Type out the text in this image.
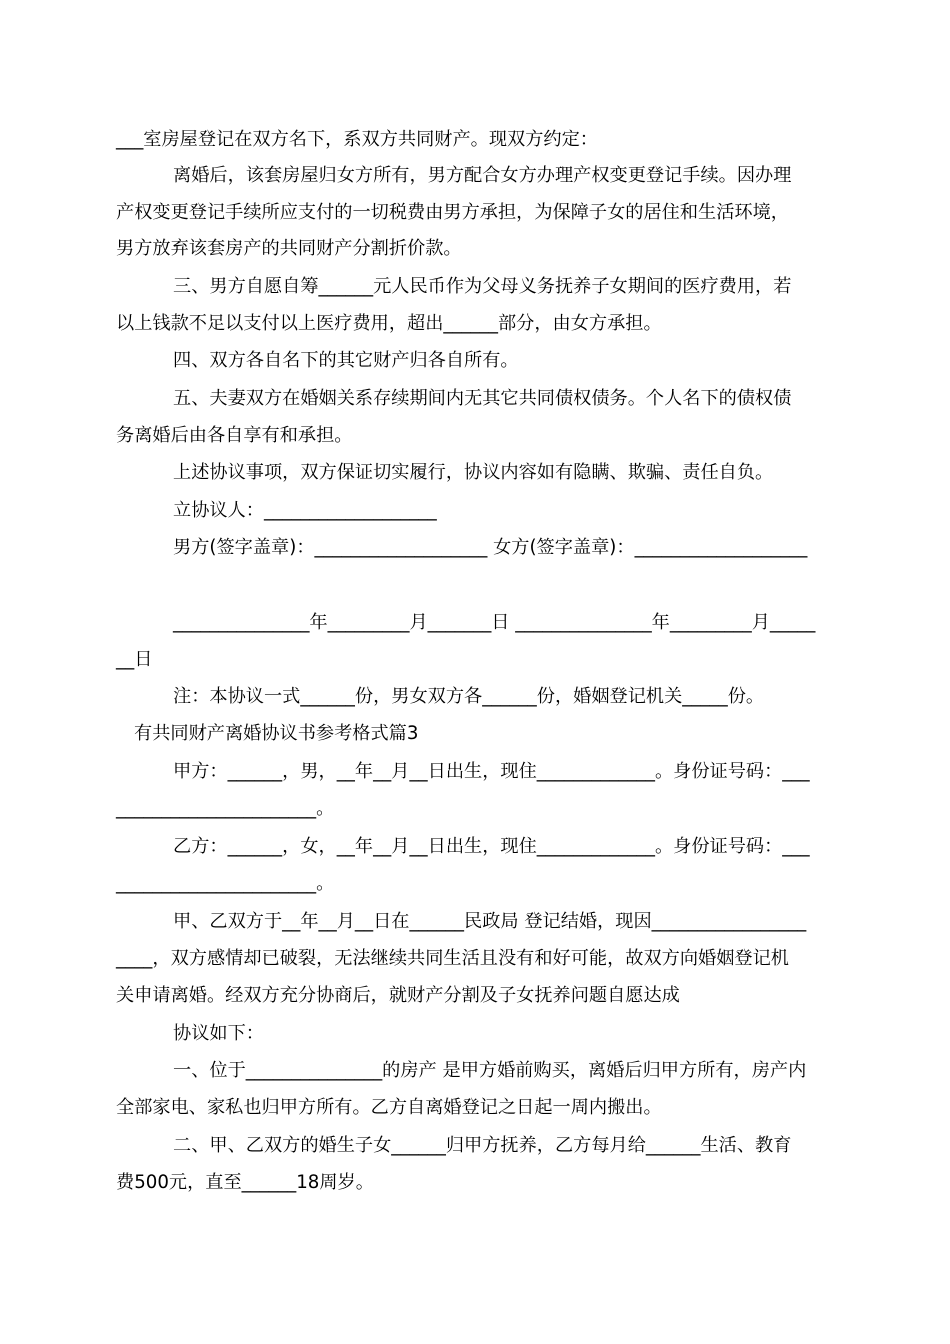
___室房屋登记在双方名下，系双方共同财产。现双方约定：
离婚后，该套房屋归女方所有，男方配合女方办理产权变更登记手续。因办理
产权变更登记手续所应支付的一切税费由男方承担，为保障子女的居住和生活环境，
男方放弃该套房产的共同财产分割折价款。
三、男方自愿自筹______元人民币作为父母义务抚养子女期间的医疗费用，若
以上钱款不足以支付以上医疗费用，超出______部分，由女方承担。
四、双方各自名下的其它财产归各自所有。
五、夫妻双方在婚姻关系存续期间内无其它共同债权债务。个人名下的债权债
务离婚后由各自享有和承担。
上述协议事项，双方保证切实履行，协议内容如有隐瞒、欺骗、责任自负。
立协议人：___________________
男方(签字盖章)：___________________ 女方(签字盖章)：___________________
_______________年_________月_______日 _______________年_________月_____
__日
注：本协议一式______份，男女双方各______份，婚姻登记机关_____份。
有共同财产离婚协议书参考格式篇3
甲方：______，男，__年__月__日出生，现住_____________。身份证号码：___
______________________。
乙方：______，女，__年__月__日出生，现住_____________。身份证号码：___
______________________。
甲、乙双方于__年__月__日在______民政局 登记结婚，现因_________________
____，双方感情却已破裂，无法继续共同生活且没有和好可能，故双方向婚姻登记机
关申请离婚。经双方充分协商后，就财产分割及子女抚养问题自愿达成
协议如下：
一、位于_______________的房产 是甲方婚前购买，离婚后归甲方所有，房产内
全部家电、家私也归甲方所有。乙方自离婚登记之日起一周内搬出。
二、甲、乙双方的婚生子女______归甲方抚养，乙方每月给______生活、教育
费500元，直至______18周岁。
